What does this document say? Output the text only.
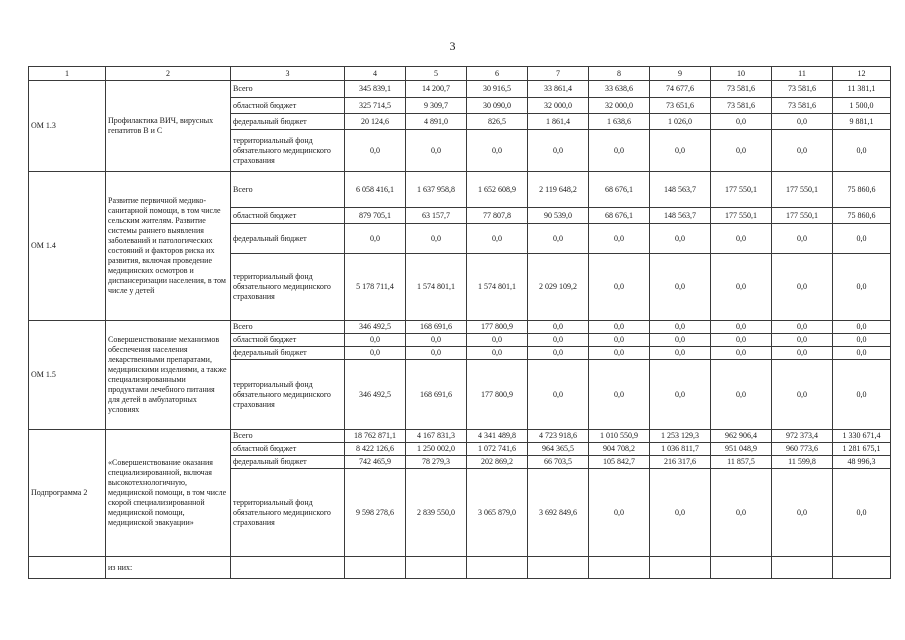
3
1	2	3	4	5	6	7	8	9	10	11	12
ОМ 1.3	Профилактика ВИЧ, вирусных гепатитов B и C	Всего	345 839,1	14 200,7	30 916,5	33 861,4	33 638,6	74 677,6	73 581,6	73 581,6	11 381,1
		областной бюджет	325 714,5	9 309,7	30 090,0	32 000,0	32 000,0	73 651,6	73 581,6	73 581,6	1 500,0
		федеральный бюджет	20 124,6	4 891,0	826,5	1 861,4	1 638,6	1 026,0	0,0	0,0	9 881,1
		территориальный фонд обязательного медицинского страхования	0,0	0,0	0,0	0,0	0,0	0,0	0,0	0,0	0,0
ОМ 1.4	Развитие первичной медико-санитарной помощи, в том числе сельским жителям. Развитие системы раннего выявления заболеваний и патологических состояний и факторов риска их развития, включая проведение медицинских осмотров и диспансеризации населения, в том числе у детей	Всего	6 058 416,1	1 637 958,8	1 652 608,9	2 119 648,2	68 676,1	148 563,7	177 550,1	177 550,1	75 860,6
		областной бюджет	879 705,1	63 157,7	77 807,8	90 539,0	68 676,1	148 563,7	177 550,1	177 550,1	75 860,6
		федеральный бюджет	0,0	0,0	0,0	0,0	0,0	0,0	0,0	0,0	0,0
		территориальный фонд обязательного медицинского страхования	5 178 711,4	1 574 801,1	1 574 801,1	2 029 109,2	0,0	0,0	0,0	0,0	0,0
ОМ 1.5	Совершенствование механизмов обеспечения населения лекарственными препаратами, медицинскими изделиями, а также специализированными продуктами лечебного питания для детей в амбулаторных условиях	Всего	346 492,5	168 691,6	177 800,9	0,0	0,0	0,0	0,0	0,0	0,0
		областной бюджет	0,0	0,0	0,0	0,0	0,0	0,0	0,0	0,0	0,0
		федеральный бюджет	0,0	0,0	0,0	0,0	0,0	0,0	0,0	0,0	0,0
		территориальный фонд обязательного медицинского страхования	346 492,5	168 691,6	177 800,9	0,0	0,0	0,0	0,0	0,0	0,0
Подпрограмма 2	«Совершенствование оказания специализированной, включая высокотехнологичную, медицинской помощи, в том числе скорой специализированной медицинской помощи, медицинской эвакуации»	Всего	18 762 871,1	4 167 831,3	4 341 489,8	4 723 918,6	1 010 550,9	1 253 129,3	962 906,4	972 373,4	1 330 671,4
		областной бюджет	8 422 126,6	1 250 002,0	1 072 741,6	964 365,5	904 708,2	1 036 811,7	951 048,9	960 773,6	1 281 675,1
		федеральный бюджет	742 465,9	78 279,3	202 869,2	66 703,5	105 842,7	216 317,6	11 857,5	11 599,8	48 996,3
		территориальный фонд обязательного медицинского страхования	9 598 278,6	2 839 550,0	3 065 879,0	3 692 849,6	0,0	0,0	0,0	0,0	0,0
	из них:										
